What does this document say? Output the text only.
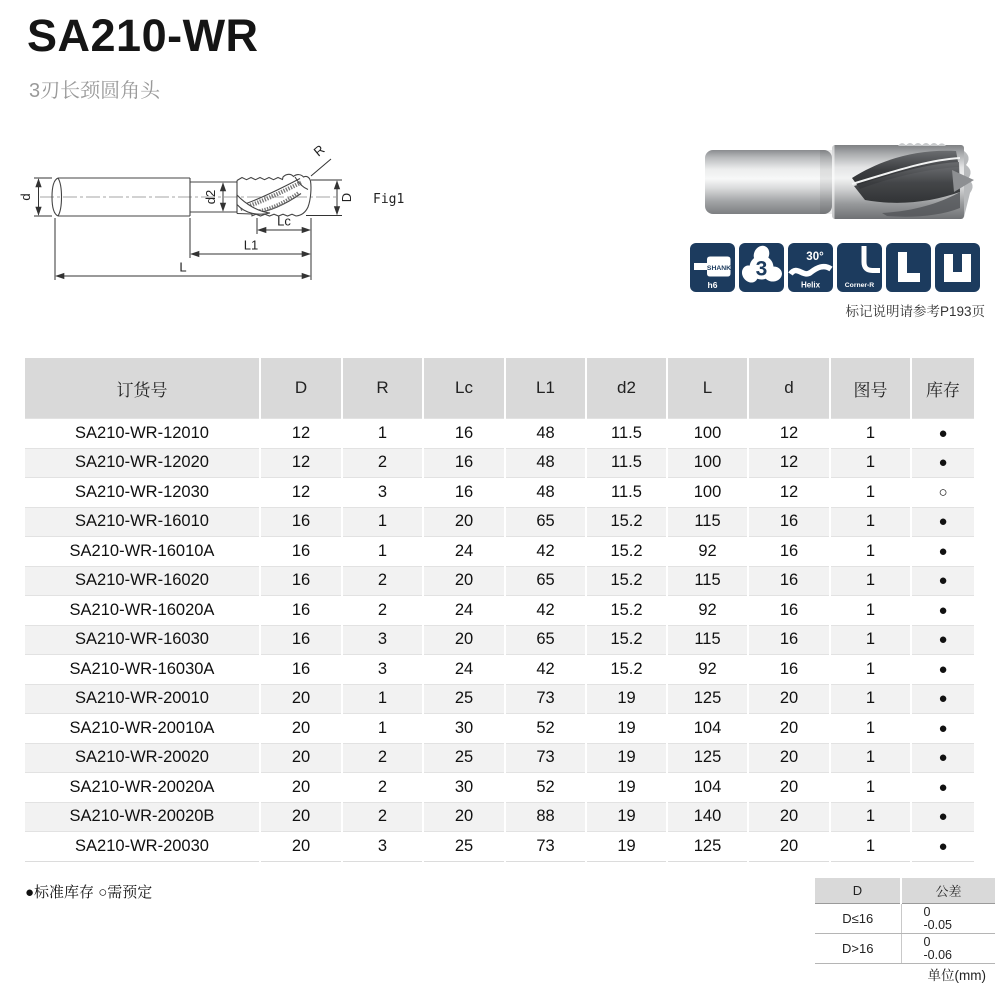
SA210-WR
3刃长颈圆角头
d	d2	D
R
Lc
L1
L
Fig1
SHANK
h6
3
30°
Helix	Corner-R
标记说明请参考P193页
订货号	D	R	Lc	L1	d2	L	d	图号	库存
SA210-WR-12010	12	1	16	48	11.5	100	12	1	●
SA210-WR-12020	12	2	16	48	11.5	100	12	1	●
SA210-WR-12030	12	3	16	48	11.5	100	12	1	○
SA210-WR-16010	16	1	20	65	15.2	115	16	1	●
SA210-WR-16010A	16	1	24	42	15.2	92	16	1	●
SA210-WR-16020	16	2	20	65	15.2	115	16	1	●
SA210-WR-16020A	16	2	24	42	15.2	92	16	1	●
SA210-WR-16030	16	3	20	65	15.2	115	16	1	●
SA210-WR-16030A	16	3	24	42	15.2	92	16	1	●
SA210-WR-20010	20	1	25	73	19	125	20	1	●
SA210-WR-20010A	20	1	30	52	19	104	20	1	●
SA210-WR-20020	20	2	25	73	19	125	20	1	●
SA210-WR-20020A	20	2	30	52	19	104	20	1	●
SA210-WR-20020B	20	2	20	88	19	140	20	1	●
SA210-WR-20030	20	3	25	73	19	125	20	1	●
●标准库存 ○需预定	D	公差
D≤16	0
-0.05

D>16	0
-0.06
单位(mm)
